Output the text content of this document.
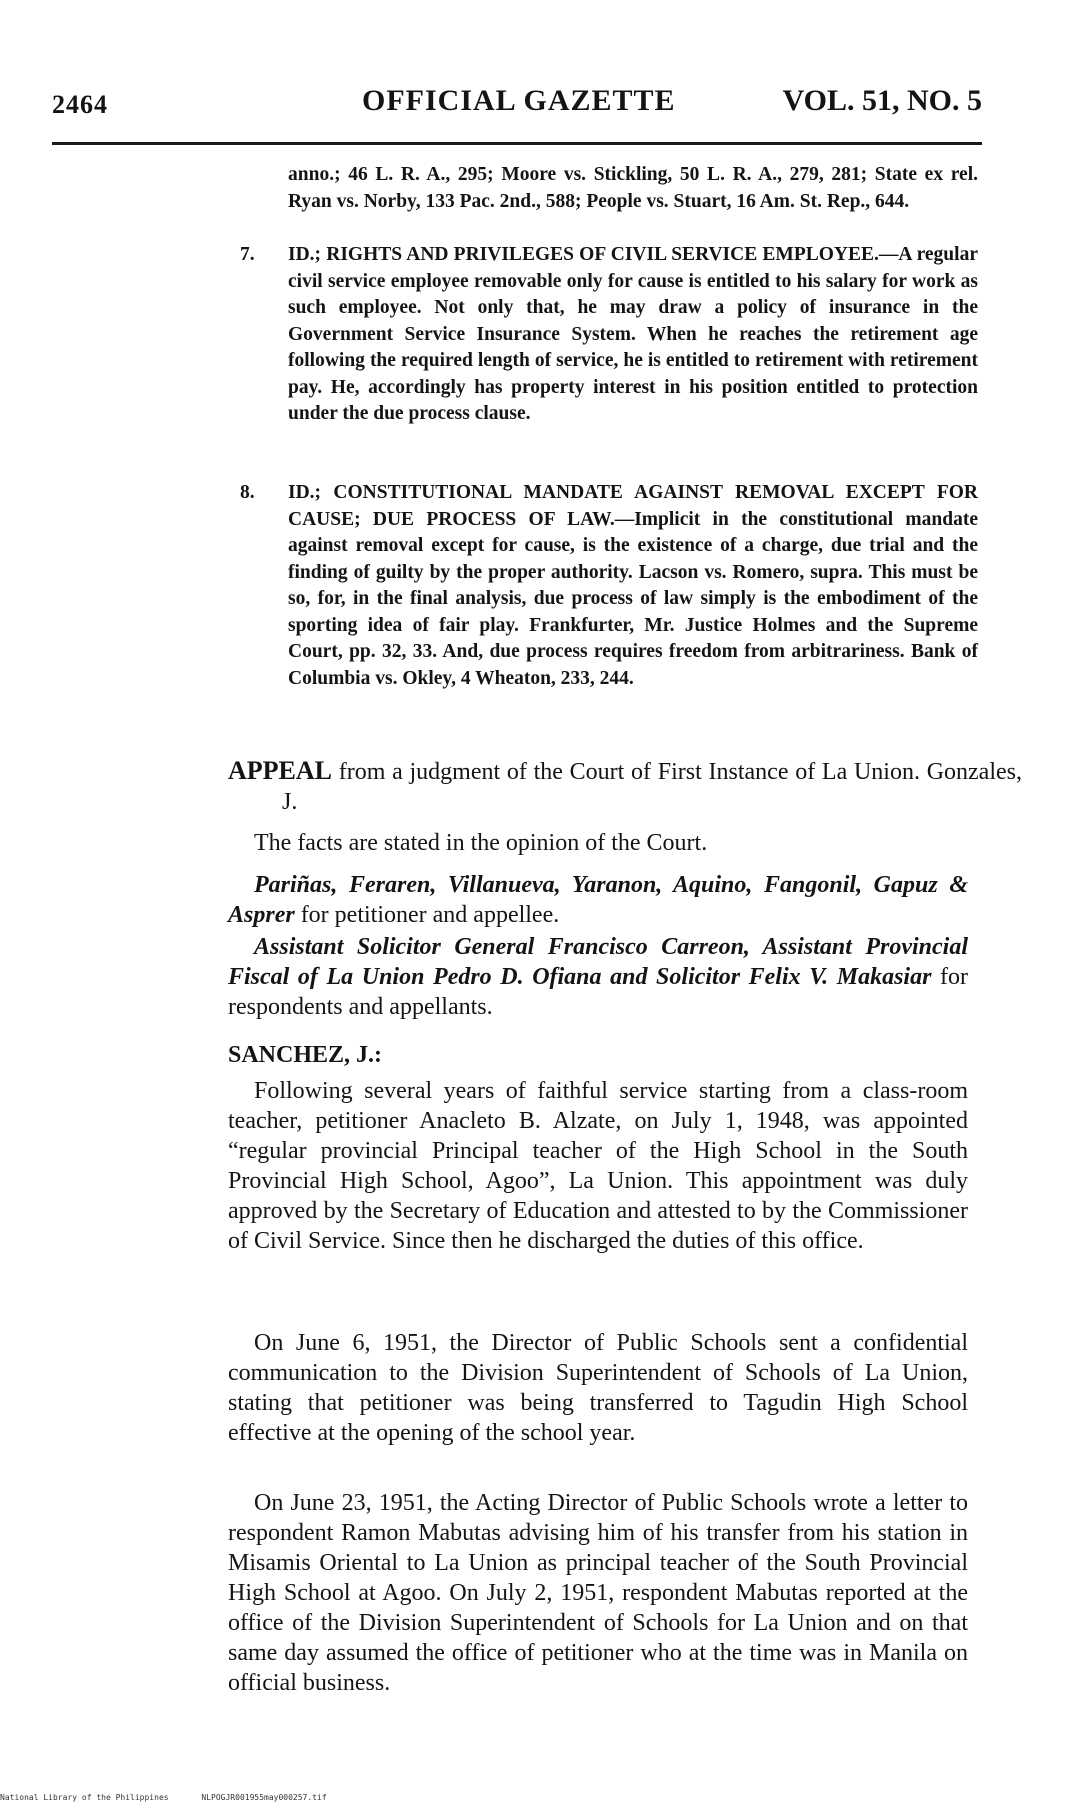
2464	OFFICIAL GAZETTE	VOL. 51, NO. 5

anno.; 46 L. R. A., 295; Moore vs. Stickling, 50 L. R. A., 279, 281; State ex rel. Ryan vs. Norby, 133 Pac. 2nd., 588; People vs. Stuart, 16 Am. St. Rep., 644.

7. ID.; RIGHTS AND PRIVILEGES OF CIVIL SERVICE EMPLOYEE.—A regular civil service employee removable only for cause is entitled to his salary for work as such employee. Not only that, he may draw a policy of insurance in the Government Service Insurance System. When he reaches the retirement age following the required length of service, he is entitled to retirement with retirement pay. He, accordingly has property interest in his position entitled to protection under the due process clause.

8. ID.; CONSTITUTIONAL MANDATE AGAINST REMOVAL EXCEPT FOR CAUSE; DUE PROCESS OF LAW.—Implicit in the constitutional mandate against removal except for cause, is the existence of a charge, due trial and the finding of guilty by the proper authority. Lacson vs. Romero, supra. This must be so, for, in the final analysis, due process of law simply is the embodiment of the sporting idea of fair play. Frankfurter, Mr. Justice Holmes and the Supreme Court, pp. 32, 33. And, due process requires freedom from arbitrariness. Bank of Columbia vs. Okley, 4 Wheaton, 233, 244.

APPEAL from a judgment of the Court of First Instance of La Union. Gonzales, J.
The facts are stated in the opinion of the Court.
Pariñas, Feraren, Villanueva, Yaranon, Aquino, Fangonil, Gapuz & Asprer for petitioner and appellee.
Assistant Solicitor General Francisco Carreon, Assistant Provincial Fiscal of La Union Pedro D. Ofiana and Solicitor Felix V. Makasiar for respondents and appellants.
SANCHEZ, J.:
Following several years of faithful service starting from a class-room teacher, petitioner Anacleto B. Alzate, on July 1, 1948, was appointed “regular provincial Principal teacher of the High School in the South Provincial High School, Agoo”, La Union. This appointment was duly approved by the Secretary of Education and attested to by the Commissioner of Civil Service. Since then he discharged the duties of this office.
On June 6, 1951, the Director of Public Schools sent a confidential communication to the Division Superintendent of Schools of La Union, stating that petitioner was being transferred to Tagudin High School effective at the opening of the school year.
On June 23, 1951, the Acting Director of Public Schools wrote a letter to respondent Ramon Mabutas advising him of his transfer from his station in Misamis Oriental to La Union as principal teacher of the South Provincial High School at Agoo. On July 2, 1951, respondent Mabutas reported at the office of the Division Superintendent of Schools for La Union and on that same day assumed the office of petitioner who at the time was in Manila on official business.
National Library of the Philippines	NLPOGJR001955may000257.tif
